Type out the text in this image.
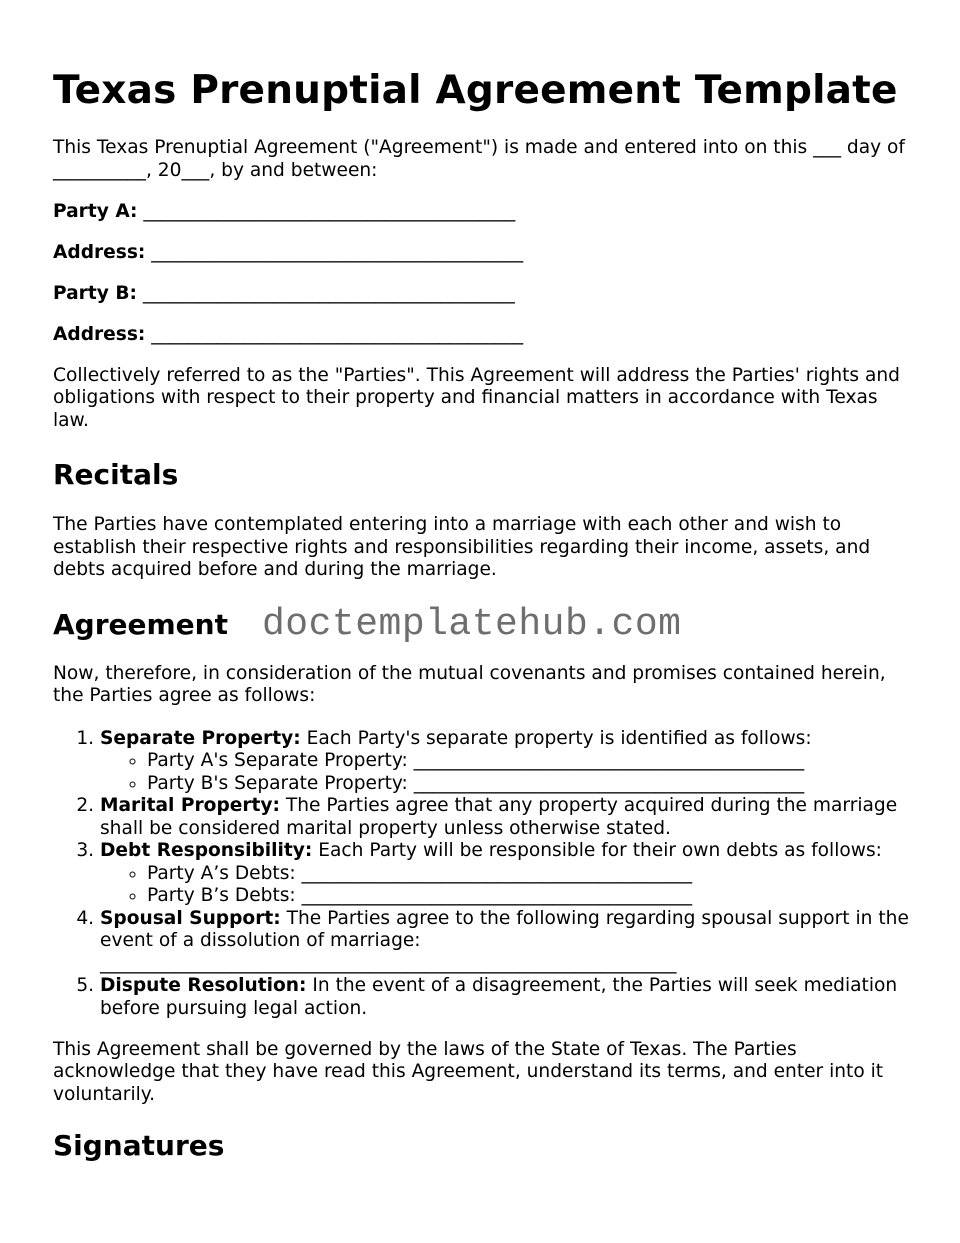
Texas Prenuptial Agreement Template

This Texas Prenuptial Agreement ("Agreement") is made and entered into on this ___ day of __________, 20___, by and between:

Party A: ________________________________________
Address: ________________________________________
Party B: ________________________________________
Address: ________________________________________

Collectively referred to as the "Parties". This Agreement will address the Parties' rights and obligations with respect to their property and financial matters in accordance with Texas law.

Recitals

The Parties have contemplated entering into a marriage with each other and wish to establish their respective rights and responsibilities regarding their income, assets, and debts acquired before and during the marriage.

Agreement doctemplatehub.com

Now, therefore, in consideration of the mutual covenants and promises contained herein, the Parties agree as follows:

1. Separate Property: Each Party's separate property is identified as follows:
◦ Party A's Separate Property: __________________________________________
◦ Party B's Separate Property: __________________________________________
2. Marital Property: The Parties agree that any property acquired during the marriage shall be considered marital property unless otherwise stated.
3. Debt Responsibility: Each Party will be responsible for their own debts as follows:
◦ Party A’s Debts: __________________________________________
◦ Party B’s Debts: __________________________________________
4. Spousal Support: The Parties agree to the following regarding spousal support in the event of a dissolution of marriage:
______________________________________________________________
5. Dispute Resolution: In the event of a disagreement, the Parties will seek mediation before pursuing legal action.

This Agreement shall be governed by the laws of the State of Texas. The Parties acknowledge that they have read this Agreement, understand its terms, and enter into it voluntarily.

Signatures
